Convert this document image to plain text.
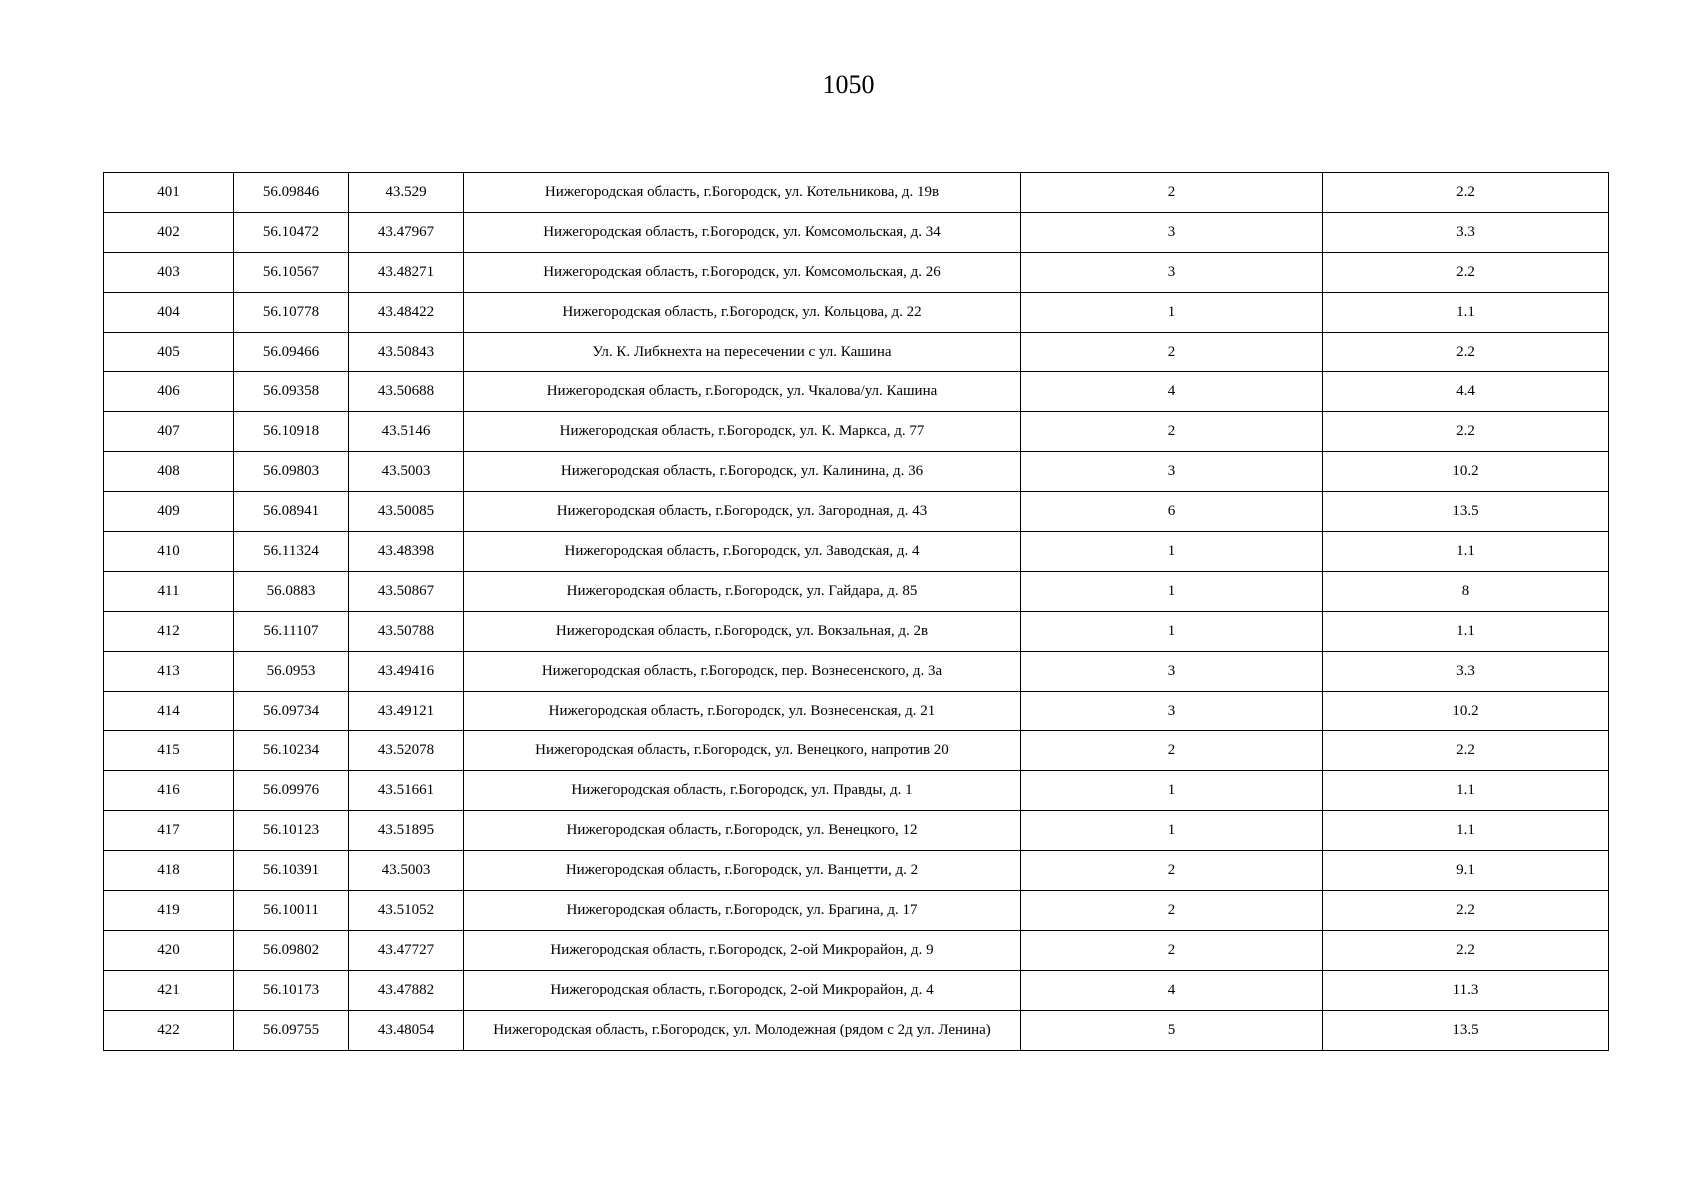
1050
401	56.09846	43.529	Нижегородская область, г.Богородск, ул. Котельникова, д. 19в	2	2.2
402	56.10472	43.47967	Нижегородская область, г.Богородск, ул. Комсомольская, д. 34	3	3.3
403	56.10567	43.48271	Нижегородская область, г.Богородск, ул. Комсомольская, д. 26	3	2.2
404	56.10778	43.48422	Нижегородская область, г.Богородск, ул. Кольцова, д. 22	1	1.1
405	56.09466	43.50843	Ул. К. Либкнехта на пересечении с ул. Кашина	2	2.2
406	56.09358	43.50688	Нижегородская область, г.Богородск, ул. Чкалова/ул. Кашина	4	4.4
407	56.10918	43.5146	Нижегородская область, г.Богородск, ул. К. Маркса, д. 77	2	2.2
408	56.09803	43.5003	Нижегородская область, г.Богородск, ул. Калинина, д. 36	3	10.2
409	56.08941	43.50085	Нижегородская область, г.Богородск, ул. Загородная, д. 43	6	13.5
410	56.11324	43.48398	Нижегородская область, г.Богородск, ул. Заводская, д. 4	1	1.1
411	56.0883	43.50867	Нижегородская область, г.Богородск, ул. Гайдара, д. 85	1	8
412	56.11107	43.50788	Нижегородская область, г.Богородск, ул. Вокзальная, д. 2в	1	1.1
413	56.0953	43.49416	Нижегородская область, г.Богородск, пер. Вознесенского, д. 3а	3	3.3
414	56.09734	43.49121	Нижегородская область, г.Богородск, ул. Вознесенская, д. 21	3	10.2
415	56.10234	43.52078	Нижегородская область, г.Богородск, ул. Венецкого, напротив 20	2	2.2
416	56.09976	43.51661	Нижегородская область, г.Богородск, ул. Правды, д. 1	1	1.1
417	56.10123	43.51895	Нижегородская область, г.Богородск, ул. Венецкого, 12	1	1.1
418	56.10391	43.5003	Нижегородская область, г.Богородск, ул. Ванцетти, д. 2	2	9.1
419	56.10011	43.51052	Нижегородская область, г.Богородск, ул. Брагина, д. 17	2	2.2
420	56.09802	43.47727	Нижегородская область, г.Богородск, 2-ой Микрорайон, д. 9	2	2.2
421	56.10173	43.47882	Нижегородская область, г.Богородск, 2-ой Микрорайон, д. 4	4	11.3
422	56.09755	43.48054	Нижегородская область, г.Богородск, ул. Молодежная (рядом с 2д ул. Ленина)	5	13.5
